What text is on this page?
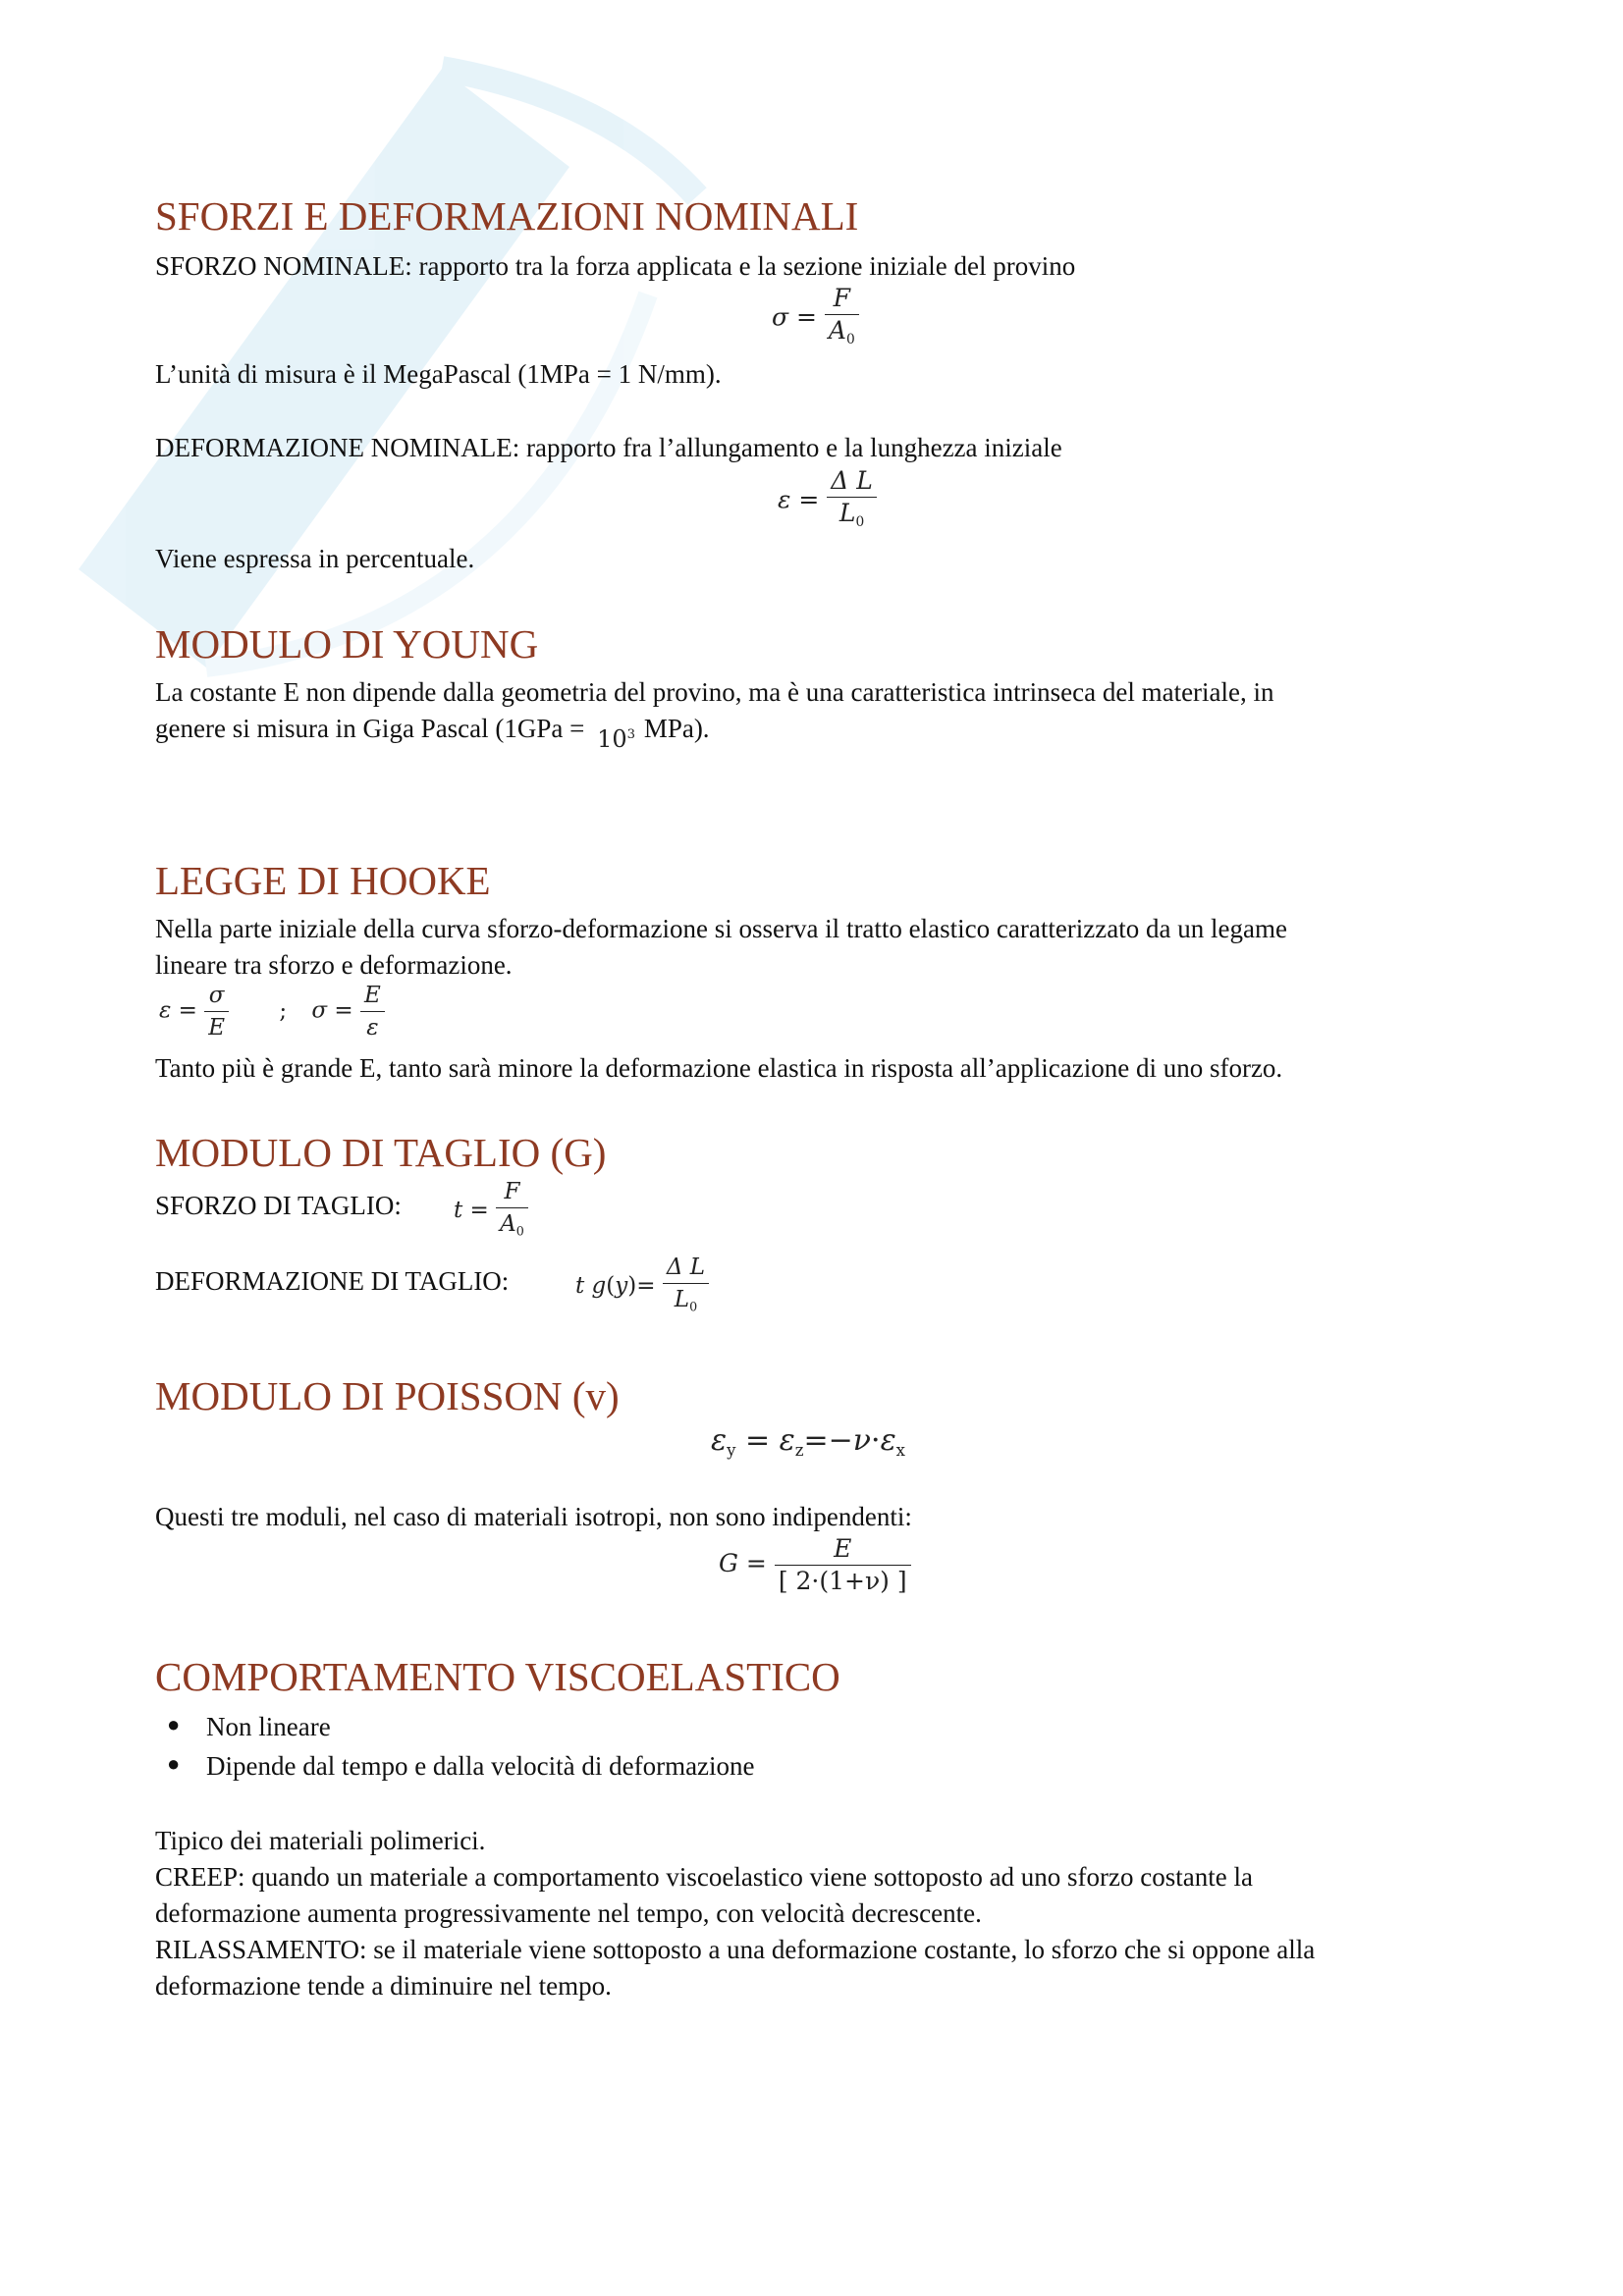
SFORZI E DEFORMAZIONI NOMINALI
SFORZO NOMINALE: rapporto tra la forza applicata e la sezione iniziale del provino
$\sigma = \frac{F}{A_0}$
L’unità di misura è il MegaPascal (1MPa = 1 N/mm).
DEFORMAZIONE NOMINALE: rapporto fra l’allungamento e la lunghezza iniziale
$\varepsilon = \frac{\text{Δ L}}{L_0}$
Viene espressa in percentuale.
MODULO DI YOUNG
La costante E non dipende dalla geometria del provino, ma è una caratteristica intrinseca del materiale, in
genere si misura in Giga Pascal ($1GPa = 10^3$ MPa).
LEGGE DI HOOKE
Nella parte iniziale della curva sforzo-deformazione si osserva il tratto elastico caratterizzato da un legame
lineare tra sforzo e deformazione.
$\varepsilon = \frac{\sigma}{E}$ ; $\sigma = \frac{E}{\varepsilon}$
Tanto più è grande E, tanto sarà minore la deformazione elastica in risposta all’applicazione di uno sforzo.
MODULO DI TAGLIO (G)
SFORZO DI TAGLIO: $t = \frac{F}{A_0}$
DEFORMAZIONE DI TAGLIO:	t $g(y)= \frac{\text{Δ L}}{L_0}$
MODULO DI POISSON (v)
$\varepsilon_y = \varepsilon_z=-\nu\cdot\varepsilon_x$
Questi tre moduli, nel caso di materiali isotropi, non sono indipendenti:
$G = \frac{E}{[ 2\cdot(1+\nu) ]}$
COMPORTAMENTO VISCOELASTICO
● Non lineare
● Dipende dal tempo e dalla velocità di deformazione
Tipico dei materiali polimerici.
CREEP: quando un materiale a comportamento viscoelastico viene sottoposto ad uno sforzo costante la
deformazione aumenta progressivamente nel tempo, con velocità decrescente.
RILASSAMENTO: se il materiale viene sottoposto a una deformazione costante, lo sforzo che si oppone alla
deformazione tende a diminuire nel tempo.
